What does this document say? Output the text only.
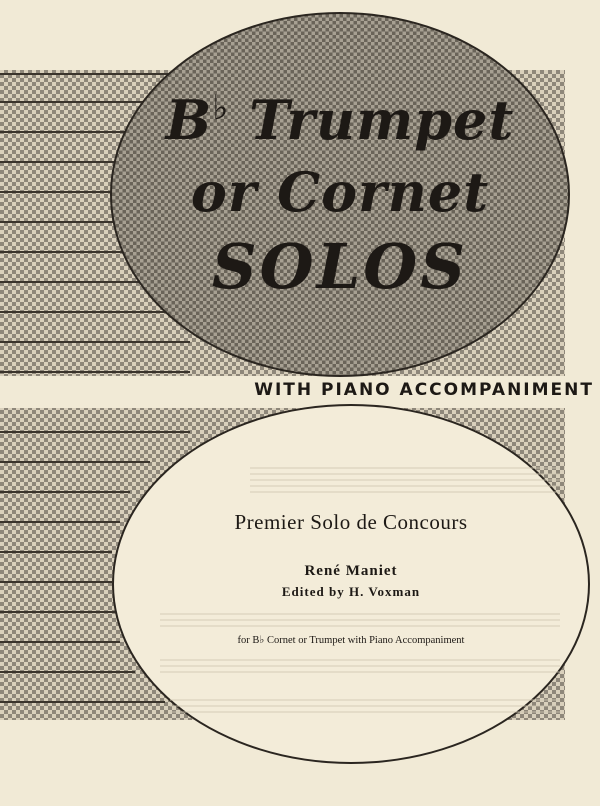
B♭ Trumpet
or Cornet
SOLOS
WITH PIANO ACCOMPANIMENT
Premier Solo de Concours
René Maniet
Edited by H. Voxman
for B♭ Cornet or Trumpet with Piano Accompaniment
